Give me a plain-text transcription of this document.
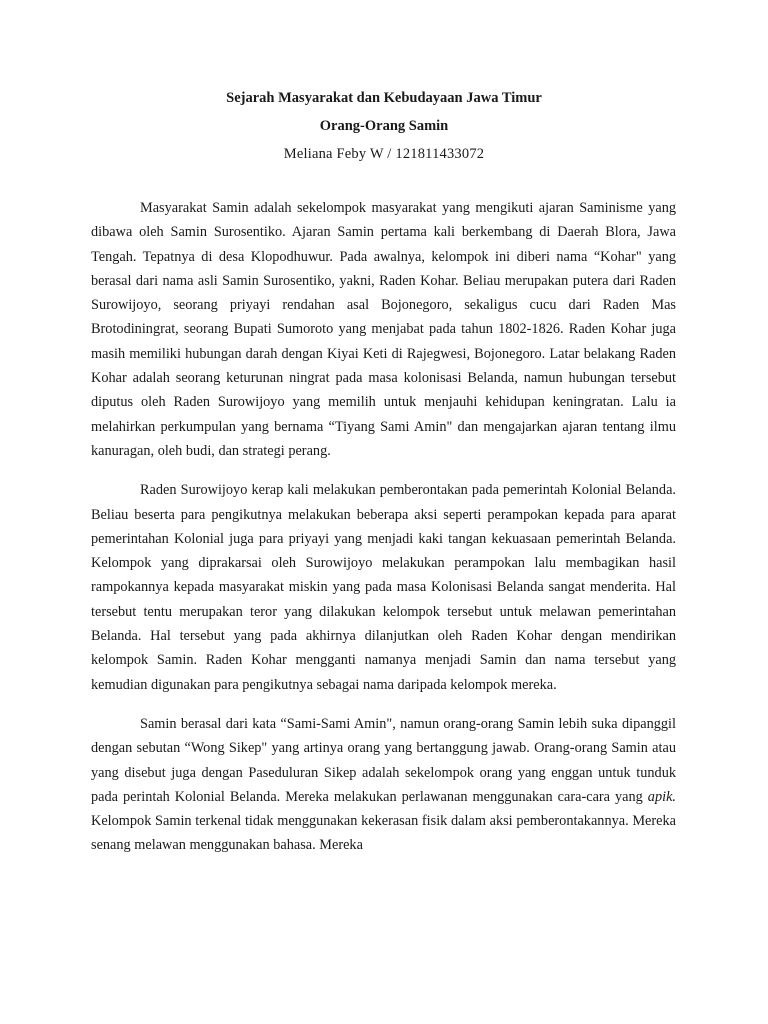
Sejarah Masyarakat dan Kebudayaan Jawa Timur

Orang-Orang Samin

Meliana Feby W / 121811433072

Masyarakat Samin adalah sekelompok masyarakat yang mengikuti ajaran Saminisme yang dibawa oleh Samin Surosentiko. Ajaran Samin pertama kali berkembang di Daerah Blora, Jawa Tengah. Tepatnya di desa Klopodhuwur. Pada awalnya, kelompok ini diberi nama “Kohar" yang berasal dari nama asli Samin Surosentiko, yakni, Raden Kohar. Beliau merupakan putera dari Raden Surowijoyo, seorang priyayi rendahan asal Bojonegoro, sekaligus cucu dari Raden Mas Brotodiningrat, seorang Bupati Sumoroto yang menjabat pada tahun 1802-1826. Raden Kohar juga masih memiliki hubungan darah dengan Kiyai Keti di Rajegwesi, Bojonegoro. Latar belakang Raden Kohar adalah seorang keturunan ningrat pada masa kolonisasi Belanda, namun hubungan tersebut diputus oleh Raden Surowijoyo yang memilih untuk menjauhi kehidupan keningratan. Lalu ia melahirkan perkumpulan yang bernama “Tiyang Sami Amin" dan mengajarkan ajaran tentang ilmu kanuragan, oleh budi, dan strategi perang.

Raden Surowijoyo kerap kali melakukan pemberontakan pada pemerintah Kolonial Belanda. Beliau beserta para pengikutnya melakukan beberapa aksi seperti perampokan kepada para aparat pemerintahan Kolonial juga para priyayi yang menjadi kaki tangan kekuasaan pemerintah Belanda. Kelompok yang diprakarsai oleh Surowijoyo melakukan perampokan lalu membagikan hasil rampokannya kepada masyarakat miskin yang pada masa Kolonisasi Belanda sangat menderita. Hal tersebut tentu merupakan teror yang dilakukan kelompok tersebut untuk melawan pemerintahan Belanda. Hal tersebut yang pada akhirnya dilanjutkan oleh Raden Kohar dengan mendirikan kelompok Samin. Raden Kohar mengganti namanya menjadi Samin dan nama tersebut yang kemudian digunakan para pengikutnya sebagai nama daripada kelompok mereka.

Samin berasal dari kata “Sami-Sami Amin", namun orang-orang Samin lebih suka dipanggil dengan sebutan “Wong Sikep" yang artinya orang yang bertanggung jawab. Orang-orang Samin atau yang disebut juga dengan Paseduluran Sikep adalah sekelompok orang yang enggan untuk tunduk pada perintah Kolonial Belanda. Mereka melakukan perlawanan menggunakan cara-cara yang apik. Kelompok Samin terkenal tidak menggunakan kekerasan fisik dalam aksi pemberontakannya. Mereka senang melawan menggunakan bahasa. Mereka
